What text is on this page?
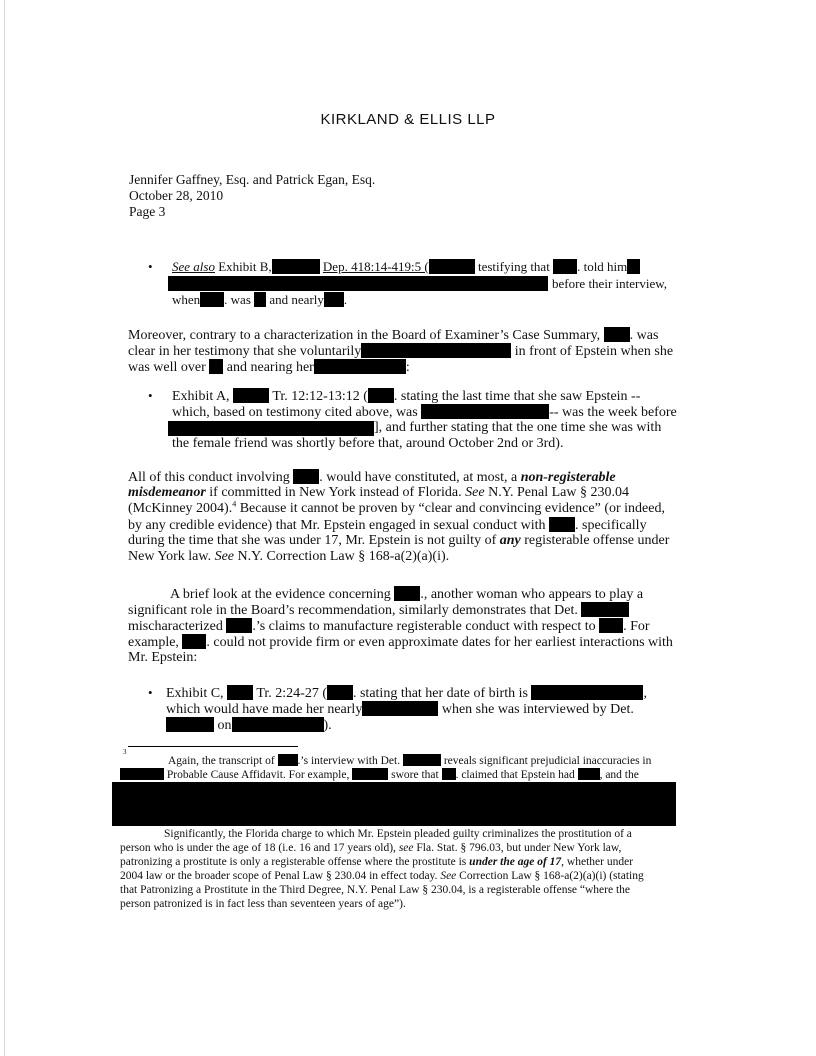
KIRKLAND & ELLIS LLP
Jennifer Gaffney, Esq. and Patrick Egan, Esq.
October 28, 2010
Page 3
• See also Exhibit B,	Dep. 418:14-419:5 (	testifying that . told him
before their interview,
when . was and nearly .
Moreover, contrary to a characterization in the Board of Examiner’s Case Summary, . was
clear in her testimony that she voluntarily	in front of Epstein when she
was well over and nearing her	:
• Exhibit A,	Tr. 12:12-13:12 ( . stating the last time that she saw Epstein --
which, based on testimony cited above, was	-- was the week before
], and further stating that the one time she was with
the female friend was shortly before that, around October 2nd or 3rd).
All of this conduct involving . would have constituted, at most, a non-registerable
misdemeanor if committed in New York instead of Florida. See N.Y. Penal Law § 230.04
(McKinney 2004).$^4$ Because it cannot be proven by “clear and convincing evidence” (or indeed,
by any credible evidence) that Mr. Epstein engaged in sexual conduct with . specifically
during the time that she was under 17, Mr. Epstein is not guilty of any registerable offense under
New York law. See N.Y. Correction Law § 168-a(2)(a)(i).
A brief look at the evidence concerning ., another woman who appears to play a
significant role in the Board’s recommendation, similarly demonstrates that Det.
mischaracterized .’s claims to manufacture registerable conduct with respect to . For
example, . could not provide firm or even approximate dates for her earliest interactions with
Mr. Epstein:
• Exhibit C, Tr. 2:24-27 ( . stating that her date of birth is	,
which would have made her nearly	when she was interviewed by Det.
on	).
3
Again, the transcript of .’s interview with Det.	reveals significant prejudicial inaccuracies in
Probable Cause Affidavit. For example,	swore that . claimed that Epstein had , and the
Significantly, the Florida charge to which Mr. Epstein pleaded guilty criminalizes the prostitution of a
person who is under the age of 18 (i.e. 16 and 17 years old), see Fla. Stat. § 796.03, but under New York law,
patronizing a prostitute is only a registerable offense where the prostitute is under the age of 17, whether under
2004 law or the broader scope of Penal Law § 230.04 in effect today. See Correction Law § 168-a(2)(a)(i) (stating
that Patronizing a Prostitute in the Third Degree, N.Y. Penal Law § 230.04, is a registerable offense “where the
person patronized is in fact less than seventeen years of age”).
